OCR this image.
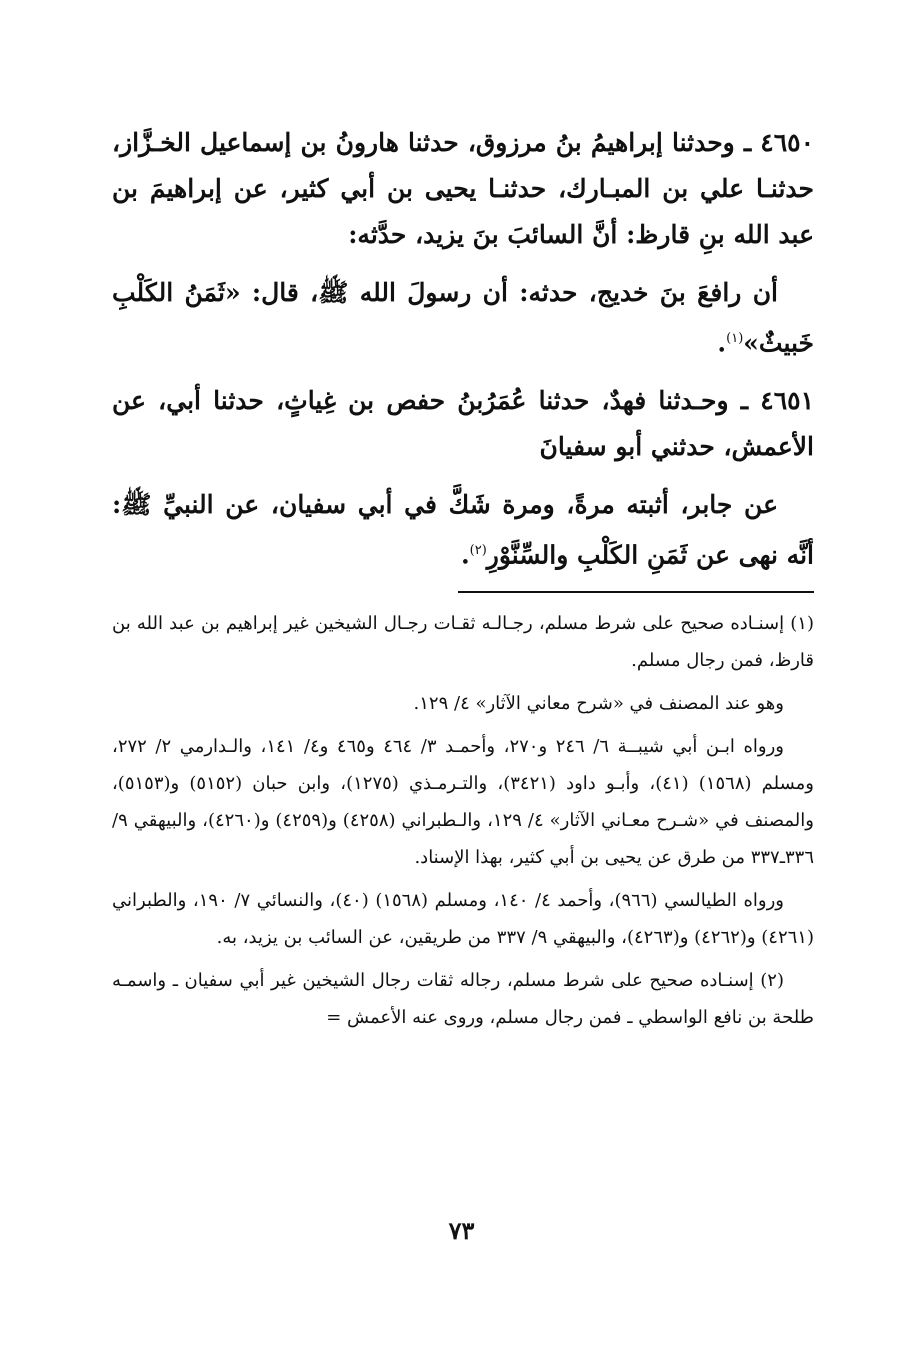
٤٦٥٠ ـ وحدثنا إبراهيمُ بنُ مرزوق، حدثنا هارونُ بن إسماعيل الخـزَّاز، حدثنـا علي بن المبـارك، حدثنـا يحيى بن أبي كثير، عن إبراهيمَ بن عبد الله بنِ قارظ: أنَّ السائبَ بنَ يزيد، حدَّثه:

أن رافعَ بنَ خديج، حدثه: أن رسولَ الله ﷺ، قال: «ثَمَنُ الكَلْبِ خَبيثٌ»$^{(١)}$.

٤٦٥١ ـ وحـدثنا فهدٌ، حدثنا عُمَرُبنُ حفص بن غِياثٍ، حدثنا أبي، عن الأعمش، حدثني أبو سفيانَ

عن جابر، أثبته مرةً، ومرة شَكَّ في أبي سفيان، عن النبيِّ ﷺ: أنَّه نهى عن ثَمَنِ الكَلْبِ والسِّنَّوْرِ$^{(٢)}$.

(١) إسنـاده صحيح على شرط مسلم، رجـالـه ثقـات رجـال الشيخين غير إبراهيم بن عبد الله بن قارظ، فمن رجال مسلم.

وهو عند المصنف في «شرح معاني الآثار» ٤/ ١٢٩.

ورواه ابـن أبي شيبــة ٦/ ٢٤٦ و٢٧٠، وأحمـد ٣/ ٤٦٤ و٤٦٥ و٤/ ١٤١، والـدارمي ٢/ ٢٧٢، ومسلم (١٥٦٨) (٤١)، وأبـو داود (٣٤٢١)، والتـرمـذي (١٢٧٥)، وابن حبان (٥١٥٢) و(٥١٥٣)، والمصنف في «شـرح معـاني الآثار» ٤/ ١٢٩، والـطبراني (٤٢٥٨) و(٤٢٥٩) و(٤٢٦٠)، والبيهقي ٩/ ٣٣٦ـ٣٣٧ من طرق عن يحيى بن أبي كثير، بهذا الإسناد.

ورواه الطيالسي (٩٦٦)، وأحمد ٤/ ١٤٠، ومسلم (١٥٦٨) (٤٠)، والنسائي ٧/ ١٩٠، والطبراني (٤٢٦١) و(٤٢٦٢) و(٤٢٦٣)، والبيهقي ٩/ ٣٣٧ من طريقين، عن السائب بن يزيد، به.

(٢) إسنـاده صحيح على شرط مسلم، رجاله ثقات رجال الشيخين غير أبي سفيان ـ واسمـه طلحة بن نافع الواسطي ـ فمن رجال مسلم، وروى عنه الأعمش =

٧٣
